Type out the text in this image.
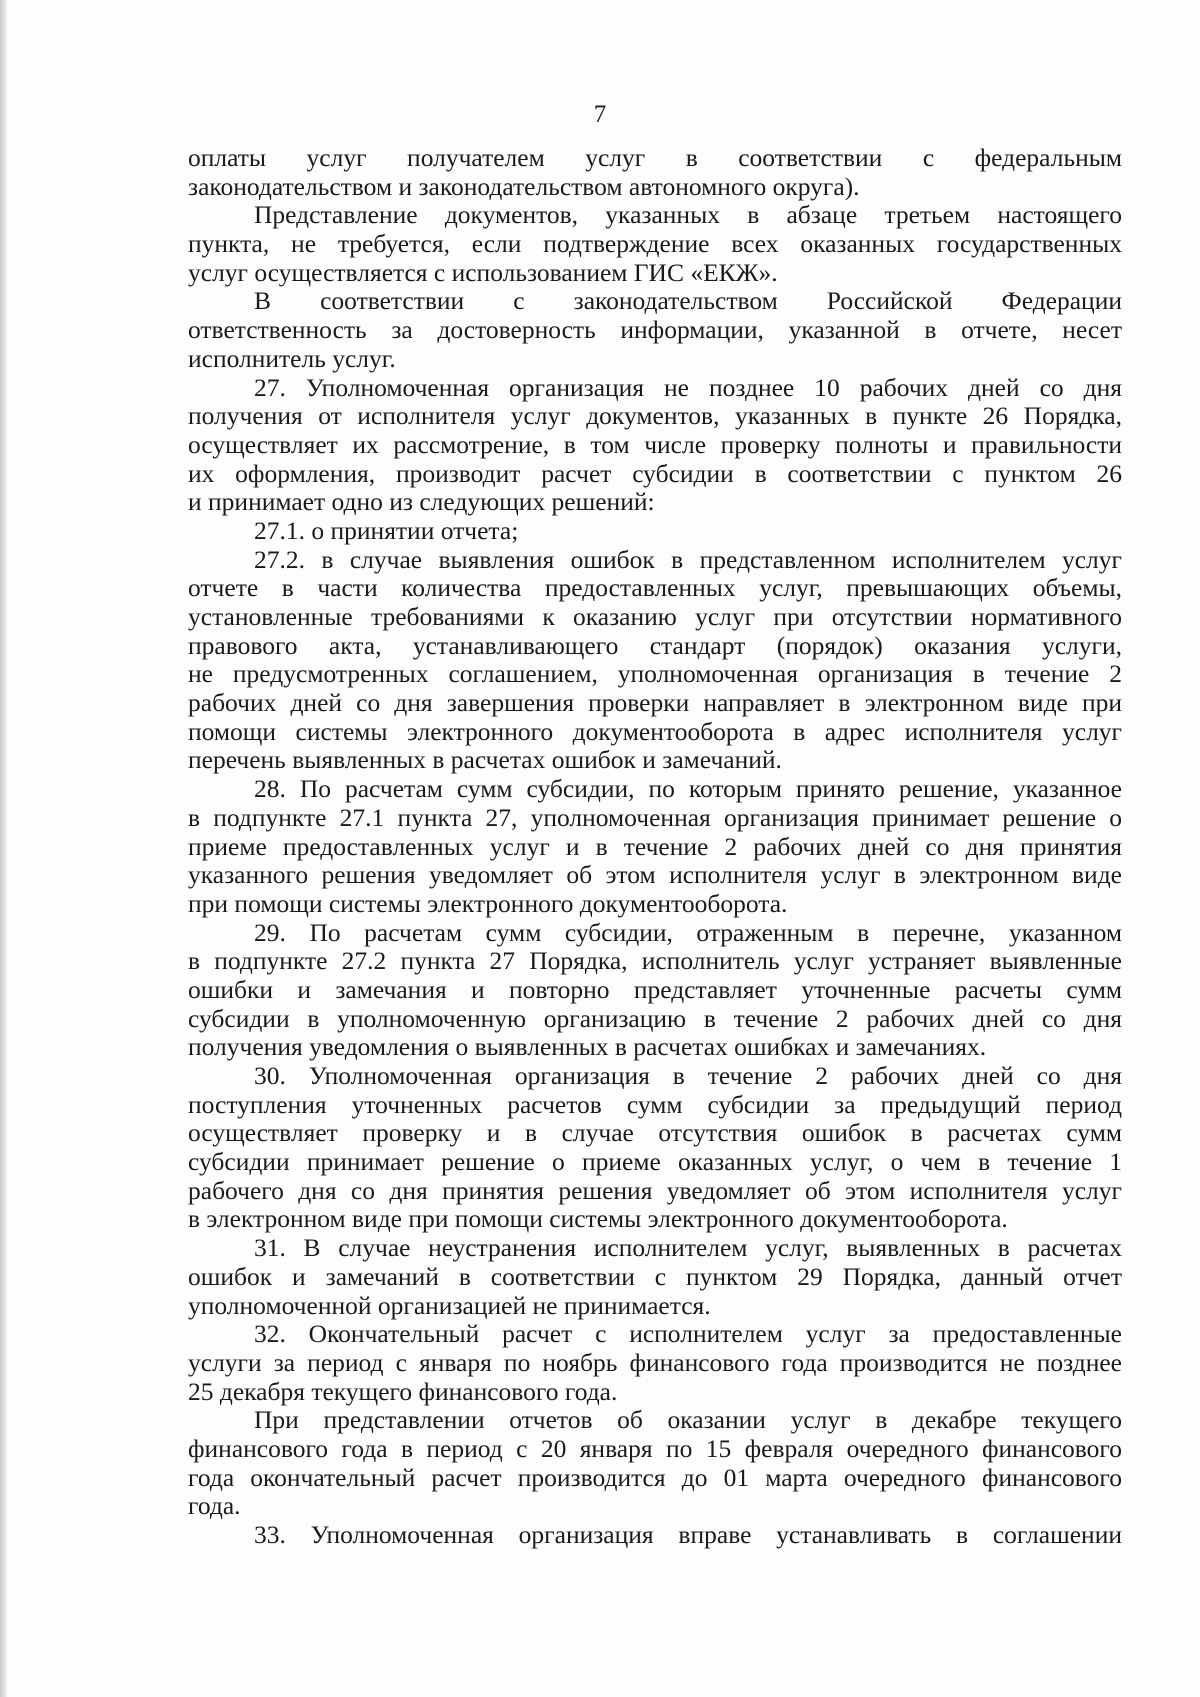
7
оплаты услуг получателем услуг в соответствии с федеральным
законодательством и законодательством автономного округа).
Представление документов, указанных в абзаце третьем настоящего
пункта, не требуется, если подтверждение всех оказанных государственных
услуг осуществляется с использованием ГИС «ЕКЖ».
В соответствии с законодательством Российской Федерации
ответственность за достоверность информации, указанной в отчете, несет
исполнитель услуг.
27. Уполномоченная организация не позднее 10 рабочих дней со дня
получения от исполнителя услуг документов, указанных в пункте 26 Порядка,
осуществляет их рассмотрение, в том числе проверку полноты и правильности
их оформления, производит расчет субсидии в соответствии с пунктом 26
и принимает одно из следующих решений:
27.1. о принятии отчета;
27.2. в случае выявления ошибок в представленном исполнителем услуг
отчете в части количества предоставленных услуг, превышающих объемы,
установленные требованиями к оказанию услуг при отсутствии нормативного
правового акта, устанавливающего стандарт (порядок) оказания услуги,
не предусмотренных соглашением, уполномоченная организация в течение 2
рабочих дней со дня завершения проверки направляет в электронном виде при
помощи системы электронного документооборота в адрес исполнителя услуг
перечень выявленных в расчетах ошибок и замечаний.
28. По расчетам сумм субсидии, по которым принято решение, указанное
в подпункте 27.1 пункта 27, уполномоченная организация принимает решение о
приеме предоставленных услуг и в течение 2 рабочих дней со дня принятия
указанного решения уведомляет об этом исполнителя услуг в электронном виде
при помощи системы электронного документооборота.
29. По расчетам сумм субсидии, отраженным в перечне, указанном
в подпункте 27.2 пункта 27 Порядка, исполнитель услуг устраняет выявленные
ошибки и замечания и повторно представляет уточненные расчеты сумм
субсидии в уполномоченную организацию в течение 2 рабочих дней со дня
получения уведомления о выявленных в расчетах ошибках и замечаниях.
30. Уполномоченная организация в течение 2 рабочих дней со дня
поступления уточненных расчетов сумм субсидии за предыдущий период
осуществляет проверку и в случае отсутствия ошибок в расчетах сумм
субсидии принимает решение о приеме оказанных услуг, о чем в течение 1
рабочего дня со дня принятия решения уведомляет об этом исполнителя услуг
в электронном виде при помощи системы электронного документооборота.
31. В случае неустранения исполнителем услуг, выявленных в расчетах
ошибок и замечаний в соответствии с пунктом 29 Порядка, данный отчет
уполномоченной организацией не принимается.
32. Окончательный расчет с исполнителем услуг за предоставленные
услуги за период с января по ноябрь финансового года производится не позднее
25 декабря текущего финансового года.
При представлении отчетов об оказании услуг в декабре текущего
финансового года в период с 20 января по 15 февраля очередного финансового
года окончательный расчет производится до 01 марта очередного финансового
года.
33. Уполномоченная организация вправе устанавливать в соглашении
